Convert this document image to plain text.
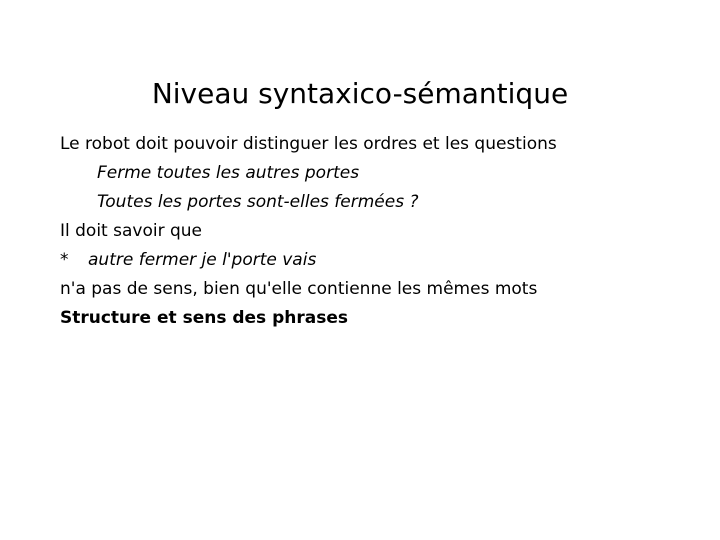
Niveau syntaxico-sémantique
Le robot doit pouvoir distinguer les ordres et les questions
Ferme toutes les autres portes
Toutes les portes sont-elles fermées ?
Il doit savoir que
* autre fermer je l'porte vais
n'a pas de sens, bien qu'elle contienne les mêmes mots
Structure et sens des phrases
